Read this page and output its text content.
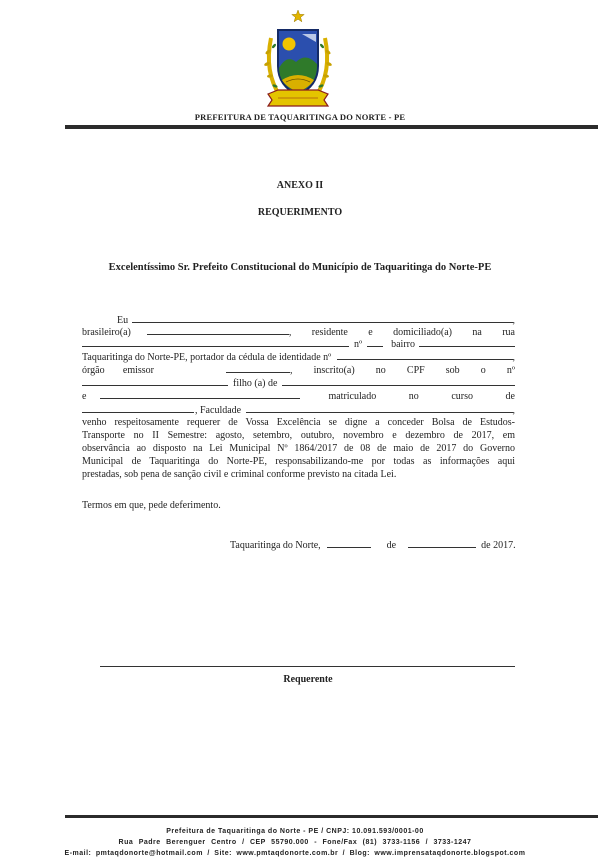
PREFEITURA DE TAQUARITINGA DO NORTE - PE
ANEXO II
REQUERIMENTO
Excelentíssimo Sr. Prefeito Constitucional do Município de Taquaritinga do Norte-PE
Eu	,
brasileiro(a)	, residente e domiciliado(a) na rua
nº	bairro
Taquaritinga do Norte-PE, portador da cédula de identidade nº	,
órgão emissor	, inscrito(a) no CPF sob o nº
filho (a) de
e	matriculado no curso de
, Faculdade	,
venho respeitosamente requerer de Vossa Excelência se digne a conceder Bolsa de Estudos-
Transporte no II Semestre: agosto, setembro, outubro, novembro e dezembro de 2017, em
observância ao disposto na Lei Municipal Nº 1864/2017 de 08 de maio de 2017 do Governo
Municipal de Taquaritinga do Norte-PE, responsabilizando-me por todas as informações aqui
prestadas, sob pena de sanção civil e criminal conforme previsto na citada Lei.
Termos em que, pede deferimento.
Taquaritinga do Norte,	de	de 2017.
Requerente
Prefeitura de Taquaritinga do Norte - PE / CNPJ: 10.091.593/0001-00
Rua Padre Berenguer Centro / CEP 55790.000 - Fone/Fax (81) 3733-1156 / 3733-1247
E-mail: pmtaqdonorte@hotmail.com / Site: www.pmtaqdonorte.com.br / Blog: www.imprensataqdonorte.blogspot.com
